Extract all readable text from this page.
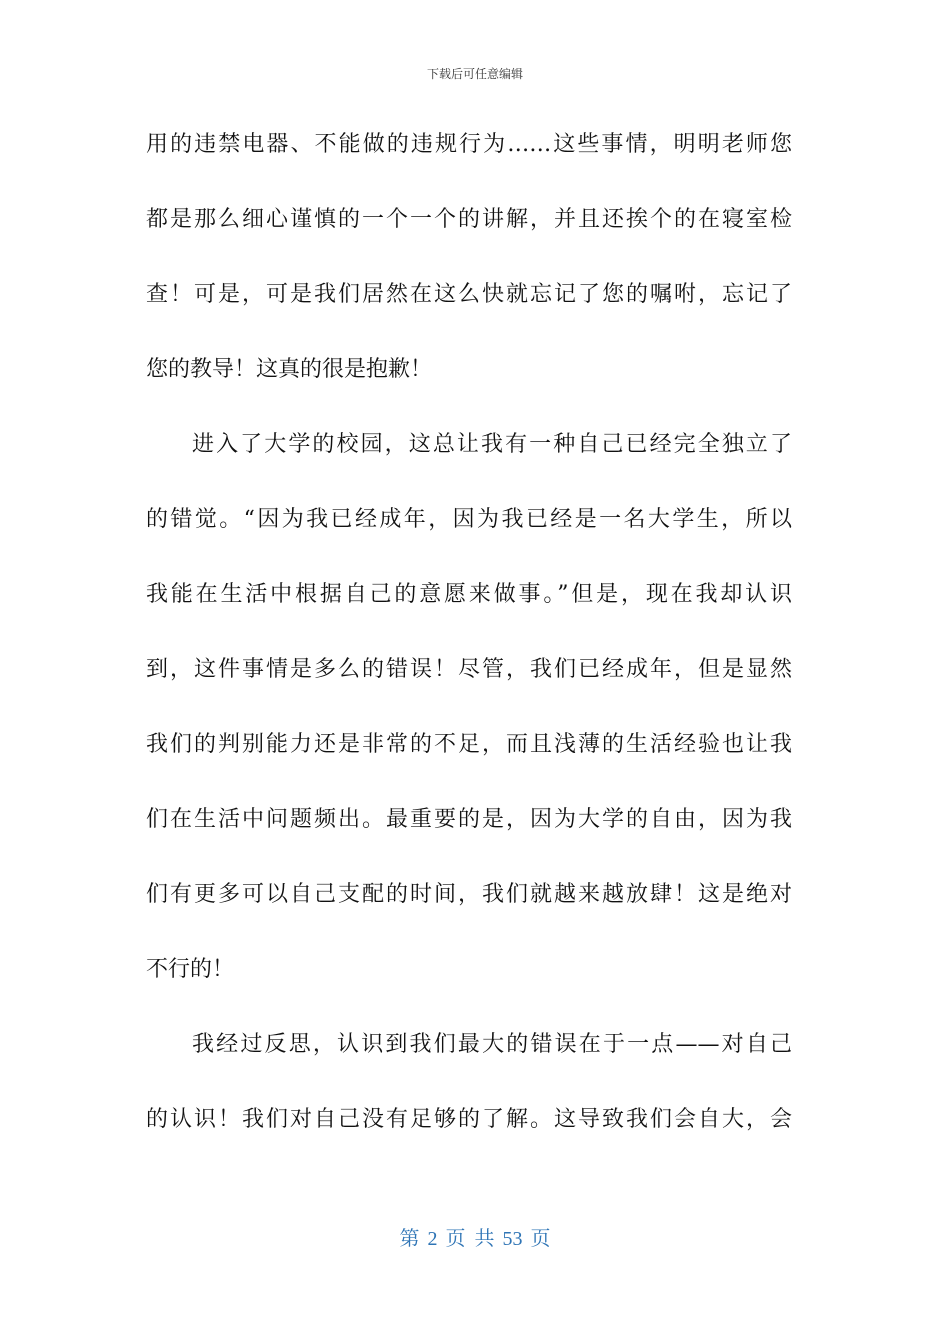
下载后可任意编辑
用的违禁电器、不能做的违规行为……这些事情，明明老师您
都是那么细心谨慎的一个一个的讲解，并且还挨个的在寝室检
查！可是，可是我们居然在这么快就忘记了您的嘱咐，忘记了
您的教导！这真的很是抱歉！
进入了大学的校园，这总让我有一种自己已经完全独立了
的错觉。“因为我已经成年，因为我已经是一名大学生，所以
我能在生活中根据自己的意愿来做事。”但是，现在我却认识
到，这件事情是多么的错误！尽管，我们已经成年，但是显然
我们的判别能力还是非常的不足，而且浅薄的生活经验也让我
们在生活中问题频出。最重要的是，因为大学的自由，因为我
们有更多可以自己支配的时间，我们就越来越放肆！这是绝对
不行的！
我经过反思，认识到我们最大的错误在于一点——对自己
的认识！我们对自己没有足够的了解。这导致我们会自大，会
第 2 页 共 53 页
